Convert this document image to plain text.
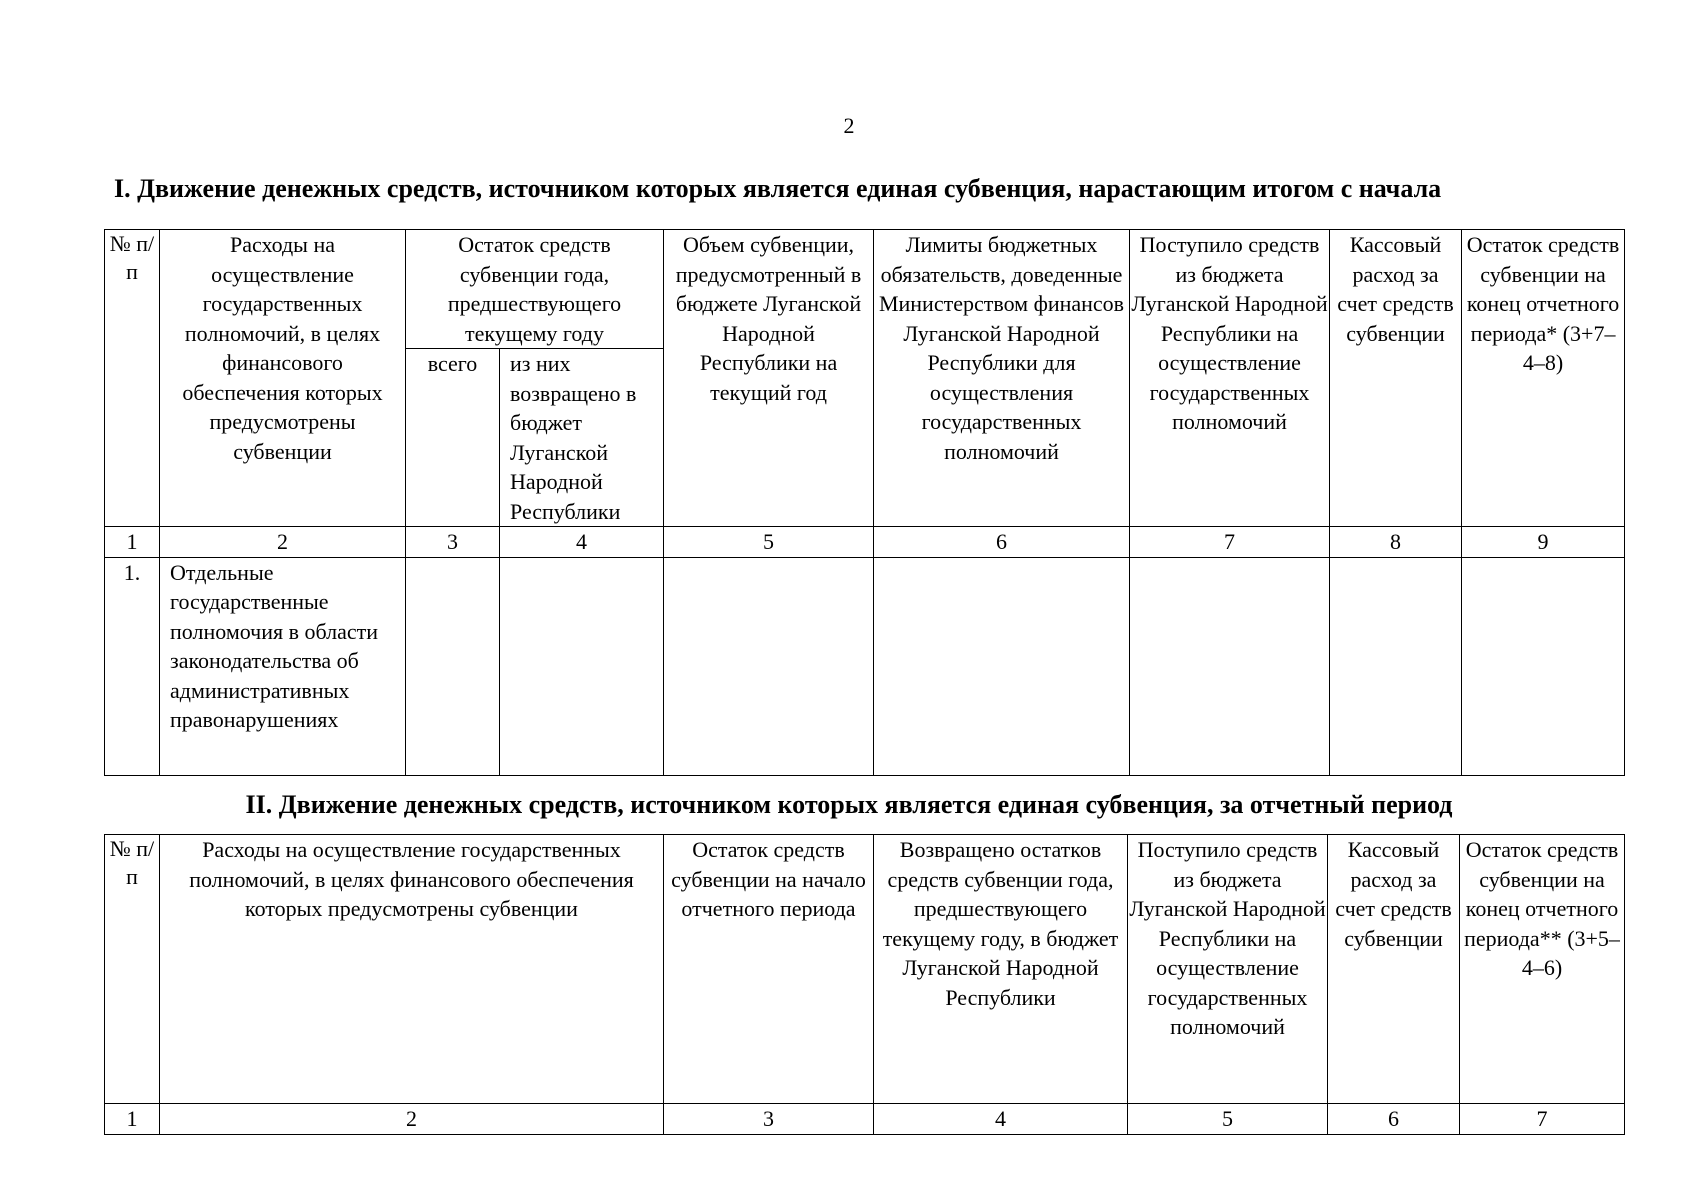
2
I. Движение денежных средств, источником которых является единая субвенция, нарастающим итогом с начала
№ п/п	Расходы на осуществление государственных полномочий, в целях финансового обеспечения которых предусмотрены субвенции	Остаток средств субвенции года, предшествующего текущему году		Объем субвенции, предусмотренный в бюджете Луганской Народной Республики на текущий год	Лимиты бюджетных обязательств, доведенные Министерством финансов Луганской Народной Республики для осуществления государственных полномочий	Поступило средств из бюджета Луганской Народной Республики на осуществление государственных полномочий	Кассовый расход за счет средств субвенции	Остаток средств субвенции на конец отчетного периода* (3+7–4–8)
		всего	из них возвращено в бюджет Луганской Народной Республики					
1	2	3	4	5	6	7	8	9
1.	Отдельные государственные полномочия в области законодательства об административных правонарушениях							
II. Движение денежных средств, источником которых является единая субвенция, за отчетный период
№ п/п	Расходы на осуществление государственных полномочий, в целях финансового обеспечения которых предусмотрены субвенции	Остаток средств субвенции на начало отчетного периода	Возвращено остатков средств субвенции года, предшествующего текущему году, в бюджет Луганской Народной Республики	Поступило средств из бюджета Луганской Народной Республики на осуществление государственных полномочий	Кассовый расход за счет средств субвенции	Остаток средств субвенции на конец отчетного периода** (3+5–4–6)
1	2	3	4	5	6	7
